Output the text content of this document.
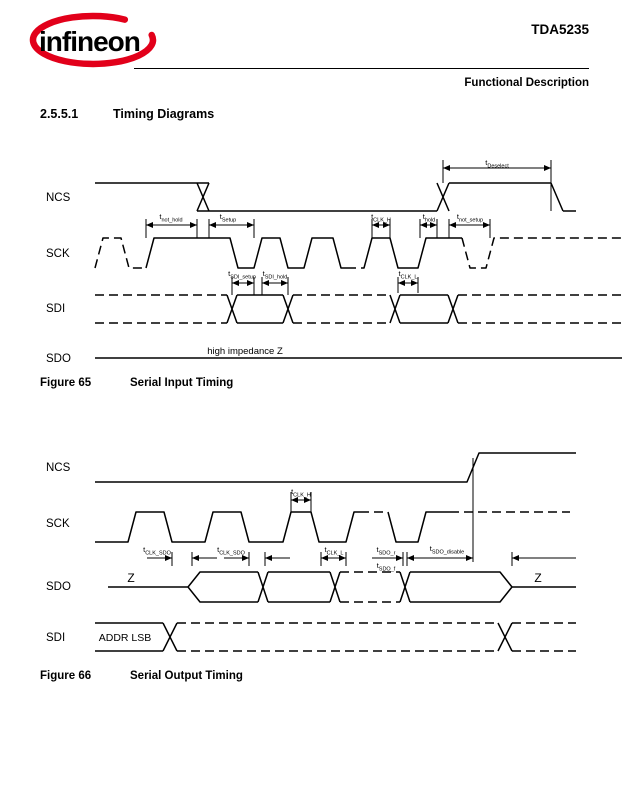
infineon	TDA5235
Functional Description
2.5.5.1	Timing Diagrams
NCS
SCK
SDI
SDO
$t_{Deselect}$
$t_{not\_hold}$	$t_{Setup}$	$t_{CLK\_H}$	$t_{hold}$	$t_{not\_setup}$
$t_{SDI\_setup}$ $t_{SDI\_hold}$	$t_{CLK\_L}$
high impedance Z
Figure 65	Serial Input Timing
NCS
SCK
SDO
SDI
$t_{CLK\_H}$
$t_{CLK\_SDO}$	$t_{CLK\_SDO}$	$t_{CLK\_L}$	$t_{SDO\_r}$
$t_{SDO\_f}$
$t_{SDO\_disable}$
Z	Z
ADDR LSB
Figure 66	Serial Output Timing
